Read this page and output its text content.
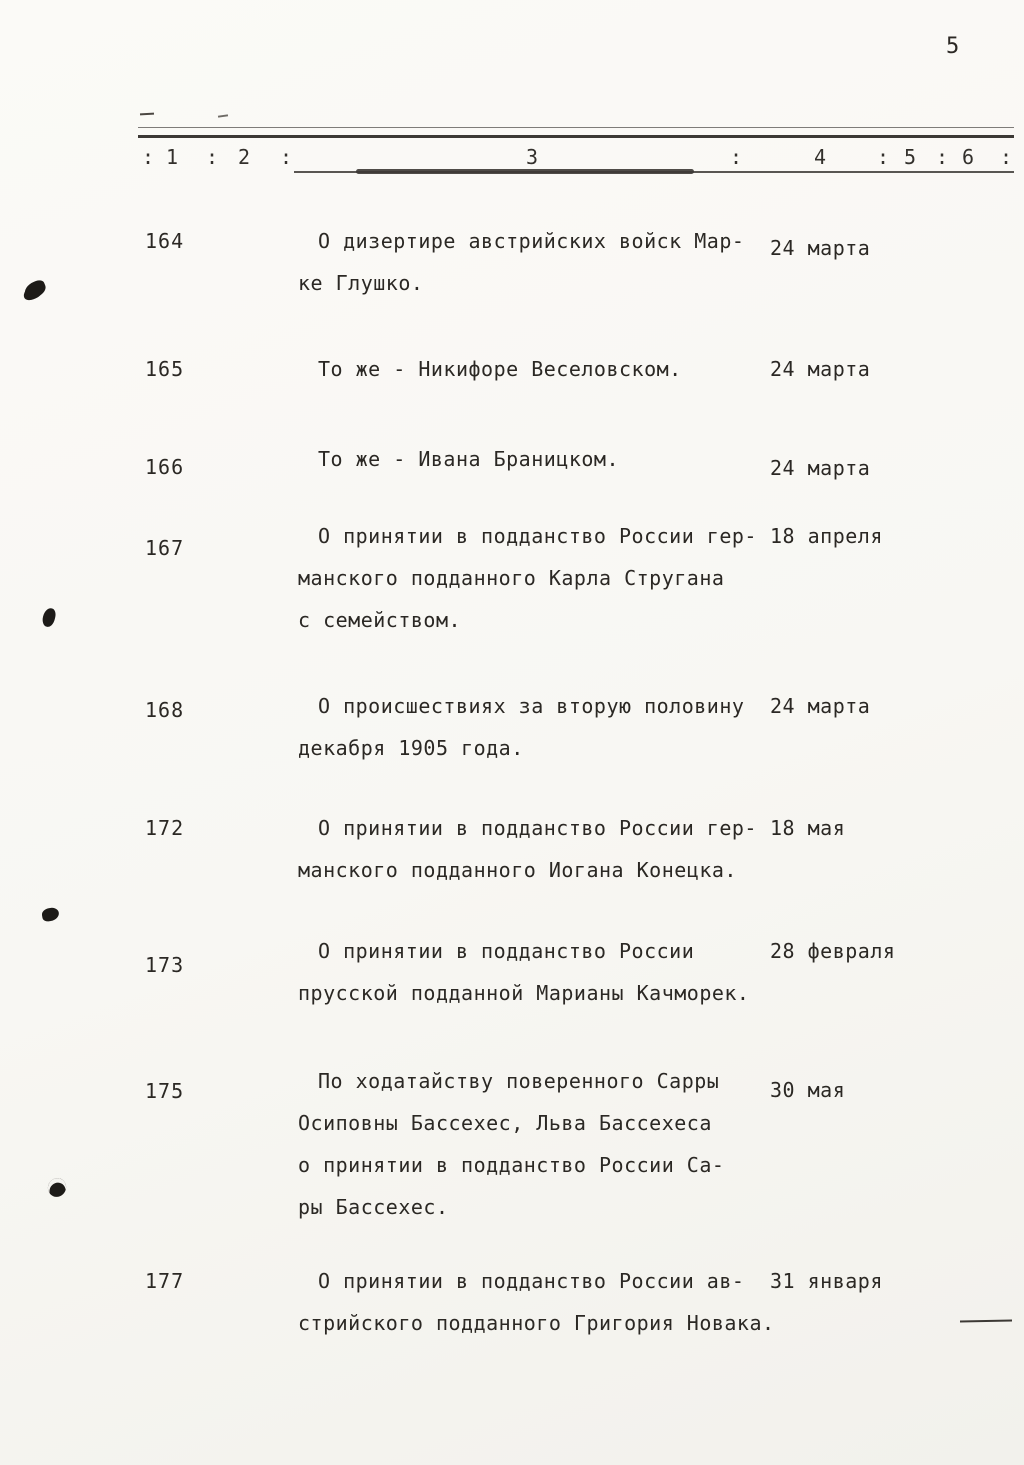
5
: 1 : 2 :	3	:	4 : 5 : 6 :
164	О дизертире австрийских войск Мар-
ке Глушко.
24 марта
165	То же - Никифоре Веселовском.	24 марта
166	То же - Ивана Браницком.	24 марта
167	О принятии в подданство России гер-
манского подданного Карла Стругана
с семейством.
18 апреля
168	О происшествиях за вторую половину
декабря 1905 года.
24 марта
172	О принятии в подданство России гер-
манского подданного Иогана Конецка.
18 мая
173
О принятии в подданство России
прусской подданной Марианы Качморек.
28 февраля
175	По ходатайству поверенного Сарры
Осиповны Бассехес, Льва Бассехеса
о принятии в подданство России Са-
ры Бассехес.
30 мая
177	О принятии в подданство России ав-
стрийского подданного Григория Новака.
31 января
